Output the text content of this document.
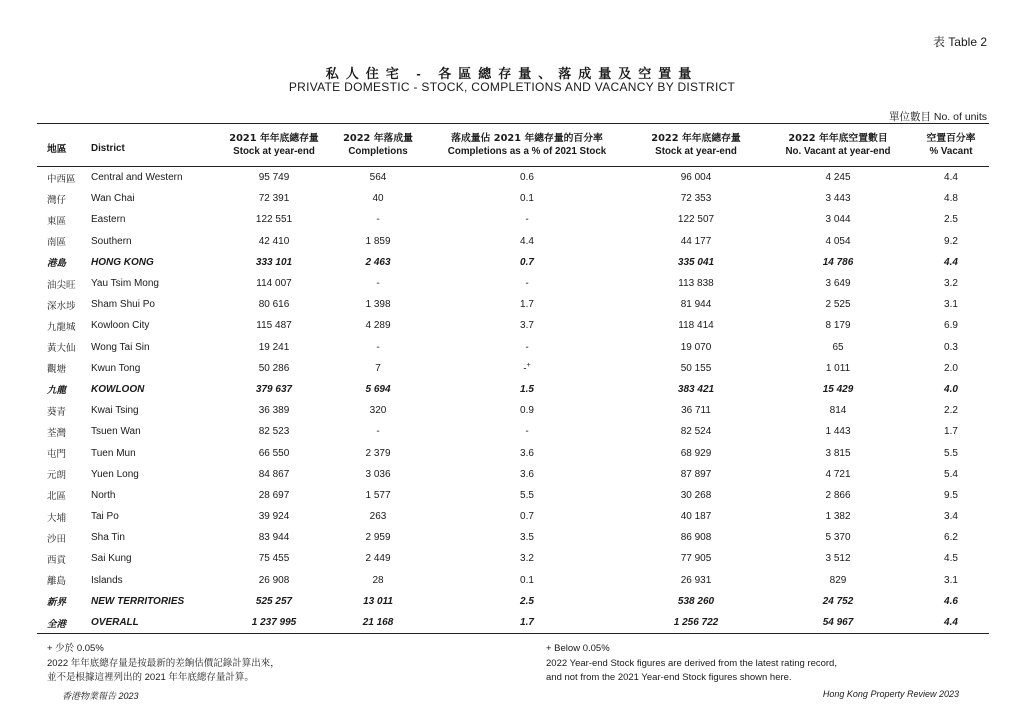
表 Table 2
私人住宅 - 各區總存量、落成量及空置量
PRIVATE DOMESTIC - STOCK, COMPLETIONS AND VACANCY BY DISTRICT
單位數目 No. of units
地區	District	2021 年年底總存量	2022 年落成量	落成量佔 2021 年總存量的百分率	2022 年年底總存量	2022 年年底空置數目	空置百分率
		Stock at year-end	Completions	Completions as a % of 2021 Stock	Stock at year-end	No. Vacant at year-end	% Vacant
中西區	Central and Western	95 749	564	0.6	96 004	4 245	4.4
灣仔	Wan Chai	72 391	40	0.1	72 353	3 443	4.8
東區	Eastern	122 551	-	-	122 507	3 044	2.5
南區	Southern	42 410	1 859	4.4	44 177	4 054	9.2
港島	HONG KONG	333 101	2 463	0.7	335 041	14 786	4.4
油尖旺	Yau Tsim Mong	114 007	-	-	113 838	3 649	3.2
深水埗	Sham Shui Po	80 616	1 398	1.7	81 944	2 525	3.1
九龍城	Kowloon City	115 487	4 289	3.7	118 414	8 179	6.9
黃大仙	Wong Tai Sin	19 241	-	-	19 070	65	0.3
觀塘	Kwun Tong	50 286	7	-+	50 155	1 011	2.0
九龍	KOWLOON	379 637	5 694	1.5	383 421	15 429	4.0
葵青	Kwai Tsing	36 389	320	0.9	36 711	814	2.2
荃灣	Tsuen Wan	82 523	-	-	82 524	1 443	1.7
屯門	Tuen Mun	66 550	2 379	3.6	68 929	3 815	5.5
元朗	Yuen Long	84 867	3 036	3.6	87 897	4 721	5.4
北區	North	28 697	1 577	5.5	30 268	2 866	9.5
大埔	Tai Po	39 924	263	0.7	40 187	1 382	3.4
沙田	Sha Tin	83 944	2 959	3.5	86 908	5 370	6.2
西貢	Sai Kung	75 455	2 449	3.2	77 905	3 512	4.5
離島	Islands	26 908	28	0.1	26 931	829	3.1
新界	NEW TERRITORIES	525 257	13 011	2.5	538 260	24 752	4.6
全港	OVERALL	1 237 995	21 168	1.7	1 256 722	54 967	4.4
+ 少於 0.05%
2022 年年底總存量是按最新的差餉估價記錄計算出來，
並不是根據這裡列出的 2021 年年底總存量計算。
+ Below 0.05%
2022 Year-end Stock figures are derived from the latest rating record,
and not from the 2021 Year-end Stock figures shown here.
香港物業報告 2023	Hong Kong Property Review 2023
